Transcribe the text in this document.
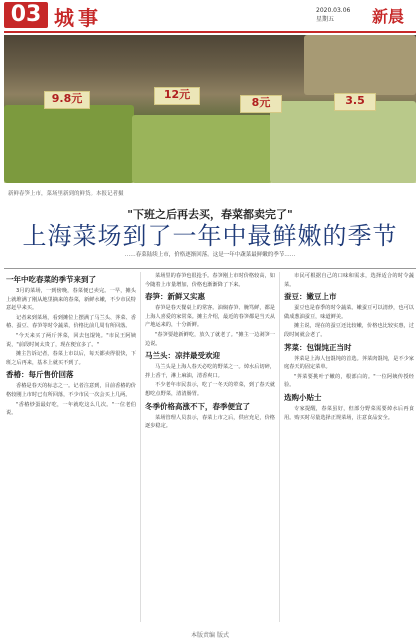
03 城事	2020.03.06
星期五	新晨
9.8元	12元
8元	3.5
新鲜春笋上市，菜场里新到的鲜货。本报记者摄
"下班之后再去买，春菜都卖完了"
上海菜场到了一年中最鲜嫩的季节
……春菜陆续上市，价格逐渐回落。这是一年中蔬菜最鲜嫩的季节……
一年中吃春菜的季节来到了

3月的菜场，一到傍晚，春菜便已卖完。一早，摊头上就堆满了刚从地里摘来的春菜，新鲜水嫩，不少市民特意赶早来买。

记者来到菜场，看到摊位上摆满了马兰头、荠菜、香椿、蚕豆、春笋等时令蔬菜，价格比前几周有所回落。

"今天来买了两斤荠菜，回去包馄饨。"市民王阿姨说，"前段时间太贵了，现在便宜多了。"

摊主告诉记者，春菜上市以后，每天都卖得很快，下班之后再来，基本上就买不到了。

香椿：每斤售价回落

香椿是春天的标志之一。记者注意到，目前香椿的价格较刚上市时已有所回落，不少市民一次会买上几两。

"香椿炒蛋最好吃，一年就吃这么几次。"一位老伯说。

菜场里的春笋也很抢手。春笋刚上市时价格较高，如今随着上市量增加，价格也渐渐降了下来。

春笋：新鲜又实惠

春笋是春天餐桌上的常客。油焖春笋、腌笃鲜，都是上海人喜爱的家常菜。摊主介绍，最近的春笋都是当天从产地运来的，十分新鲜。

"春笋要趁新鲜吃，放久了就老了。"摊主一边剥笋一边说。

马兰头：凉拌最受欢迎

马兰头是上海人春天必吃的野菜之一。焯水后切碎，拌上香干，淋上麻油，清香爽口。

不少老年市民表示，吃了一冬天的荤菜，到了春天就想吃点野菜，清清肠胃。

冬季价格高涨不下，春季便宜了

菜场管理人员表示，春菜上市之后，供应充足，价格逐步稳定。

市民可根据自己的口味和需求，选择适合的时令蔬菜。

蚕豆：嫩豆上市

蚕豆也是春季的时令蔬菜。嫩蚕豆可以清炒，也可以做成葱油蚕豆，味道鲜美。

摊主说，现在的蚕豆还比较嫩，价格也比较实惠，过段时间就会老了。

荠菜：包馄饨正当时

荠菜是上海人包馄饨的首选。荠菜肉馄饨，是不少家庭春天的固定菜单。

"荠菜要挑叶子嫩的，根部白的。"一位阿姨传授经验。

选购小贴士

专家提醒，春菜虽好，但部分野菜需要焯水后再食用。购买时尽量选择正规菜场，注意食品安全。

本版责编 版式
